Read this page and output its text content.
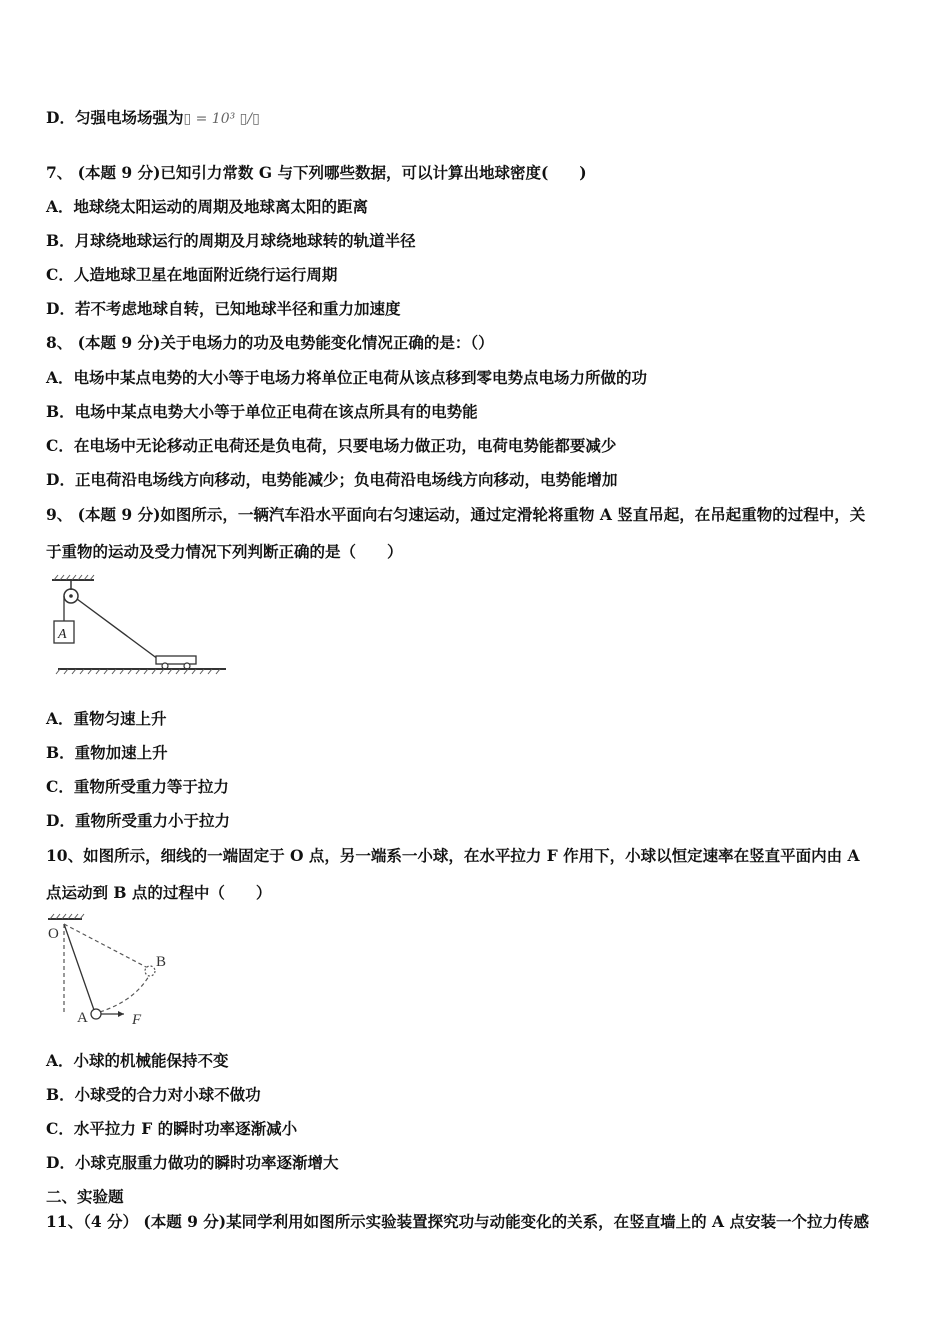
D．匀强电场场强为▯ = 10³ ▯/▯
7、 (本题 9 分)已知引力常数 G 与下列哪些数据，可以计算出地球密度(　　)
A．地球绕太阳运动的周期及地球离太阳的距离
B．月球绕地球运行的周期及月球绕地球转的轨道半径
C．人造地球卫星在地面附近绕行运行周期
D．若不考虑地球自转，已知地球半径和重力加速度
8、 (本题 9 分)关于电场力的功及电势能变化情况正确的是：（）
A．电场中某点电势的大小等于电场力将单位正电荷从该点移到零电势点电场力所做的功
B．电场中某点电势大小等于单位正电荷在该点所具有的电势能
C．在电场中无论移动正电荷还是负电荷，只要电场力做正功，电荷电势能都要减少
D．正电荷沿电场线方向移动，电势能减少；负电荷沿电场线方向移动，电势能增加
9、 (本题 9 分)如图所示，一辆汽车沿水平面向右匀速运动，通过定滑轮将重物 A 竖直吊起，在吊起重物的过程中，关
于重物的运动及受力情况下列判断正确的是（　　）
A
A．重物匀速上升
B．重物加速上升
C．重物所受重力等于拉力
D．重物所受重力小于拉力
10、如图所示，细线的一端固定于 O 点，另一端系一小球，在水平拉力 F 作用下，小球以恒定速率在竖直平面内由 A
点运动到 B 点的过程中（　　）
O
B
A	F
A．小球的机械能保持不变
B．小球受的合力对小球不做功
C．水平拉力 F 的瞬时功率逐渐减小
D．小球克服重力做功的瞬时功率逐渐增大
二、实验题
11、（4 分） (本题 9 分)某同学利用如图所示实验装置探究功与动能变化的关系，在竖直墙上的 A 点安装一个拉力传感
